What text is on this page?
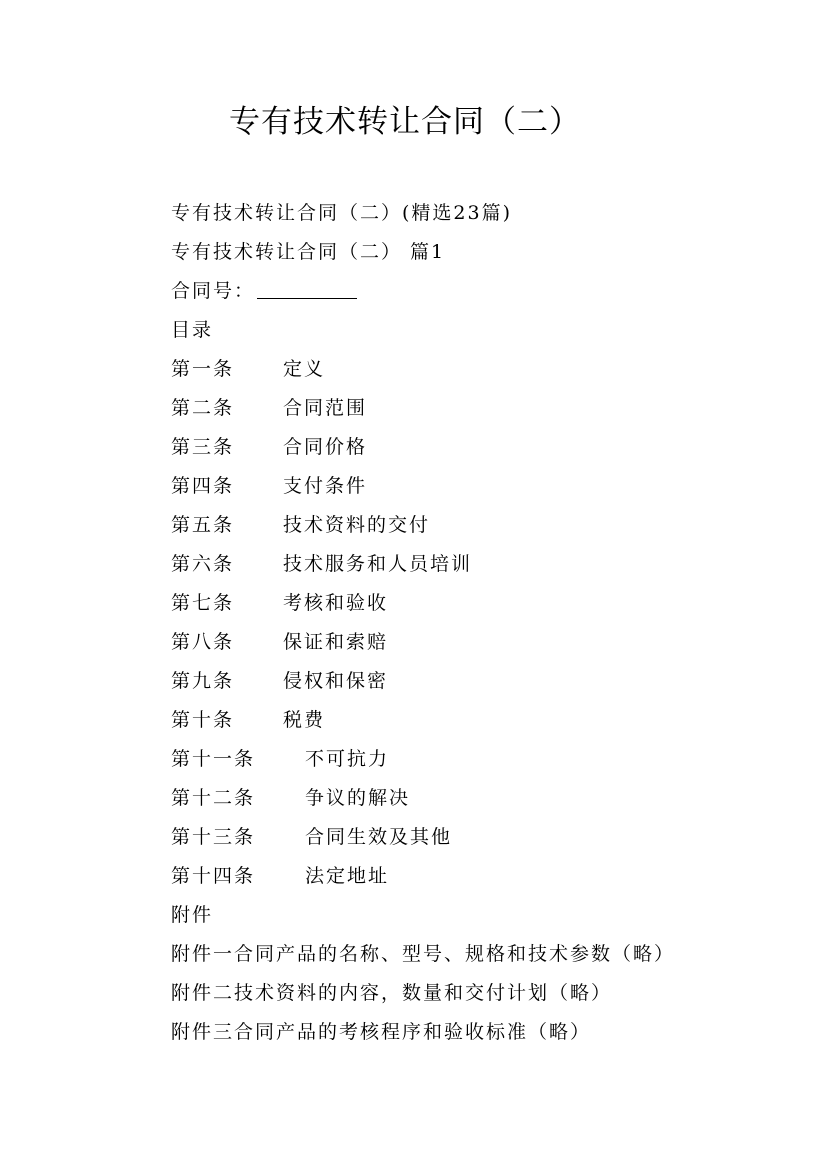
专有技术转让合同（二）
专有技术转让合同（二）(精选23篇)
专有技术转让合同（二） 篇1
合同号：
目录
第一条	定义
第二条	合同范围
第三条	合同价格
第四条	支付条件
第五条	技术资料的交付
第六条	技术服务和人员培训
第七条	考核和验收
第八条	保证和索赔
第九条	侵权和保密
第十条	税费
第十一条	不可抗力
第十二条	争议的解决
第十三条	合同生效及其他
第十四条	法定地址
附件
附件一合同产品的名称、型号、规格和技术参数（略）
附件二技术资料的内容，数量和交付计划（略）
附件三合同产品的考核程序和验收标准（略）
